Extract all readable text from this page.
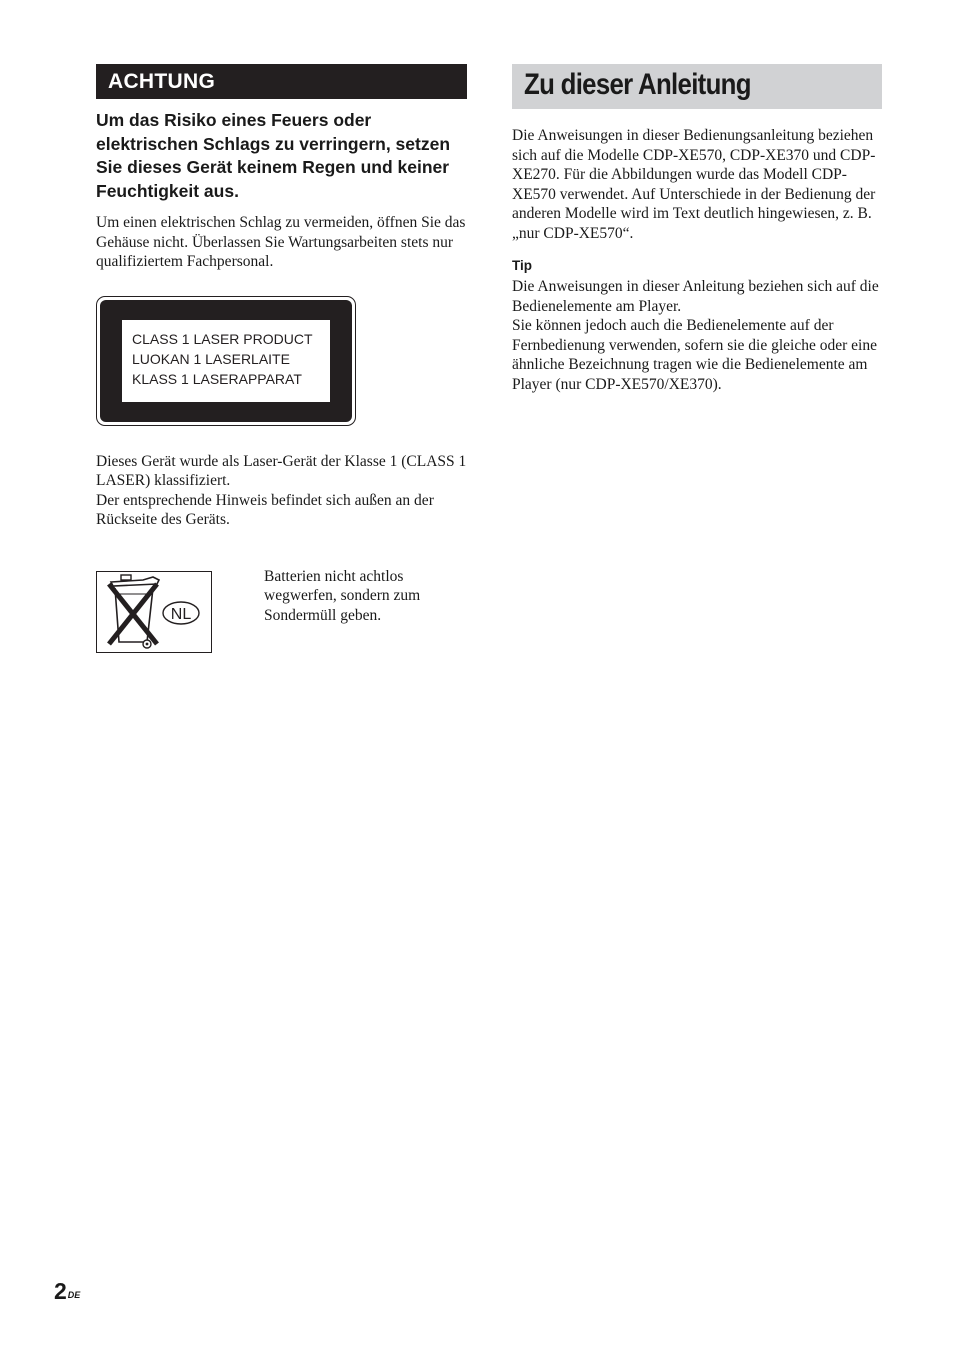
ACHTUNG
Um das Risiko eines Feuers oder elektrischen Schlags zu verringern, setzen Sie dieses Gerät keinem Regen und keiner Feuchtigkeit aus.

Um einen elektrischen Schlag zu vermeiden, öffnen Sie das Gehäuse nicht. Überlassen Sie Wartungsarbeiten stets nur qualifiziertem Fachpersonal.

CLASS 1 LASER PRODUCT
LUOKAN 1 LASERLAITE
KLASS 1 LASERAPPARAT

Dieses Gerät wurde als Laser-Gerät der Klasse 1 (CLASS 1 LASER) klassifiziert.
Der entsprechende Hinweis befindet sich außen an der Rückseite des Geräts.

NL

Batterien nicht achtlos wegwerfen, sondern zum Sondermüll geben.

Zu dieser Anleitung

Die Anweisungen in dieser Bedienungsanleitung beziehen sich auf die Modelle CDP-XE570, CDP-XE370 und CDP-XE270. Für die Abbildungen wurde das Modell CDP-XE570 verwendet. Auf Unterschiede in der Bedienung der anderen Modelle wird im Text deutlich hingewiesen, z. B. „nur CDP-XE570“.

Tip

Die Anweisungen in dieser Anleitung beziehen sich auf die Bedienelemente am Player.
Sie können jedoch auch die Bedienelemente auf der Fernbedienung verwenden, sofern sie die gleiche oder eine ähnliche Bezeichnung tragen wie die Bedienelemente am Player (nur CDP-XE570/XE370).

2DE
